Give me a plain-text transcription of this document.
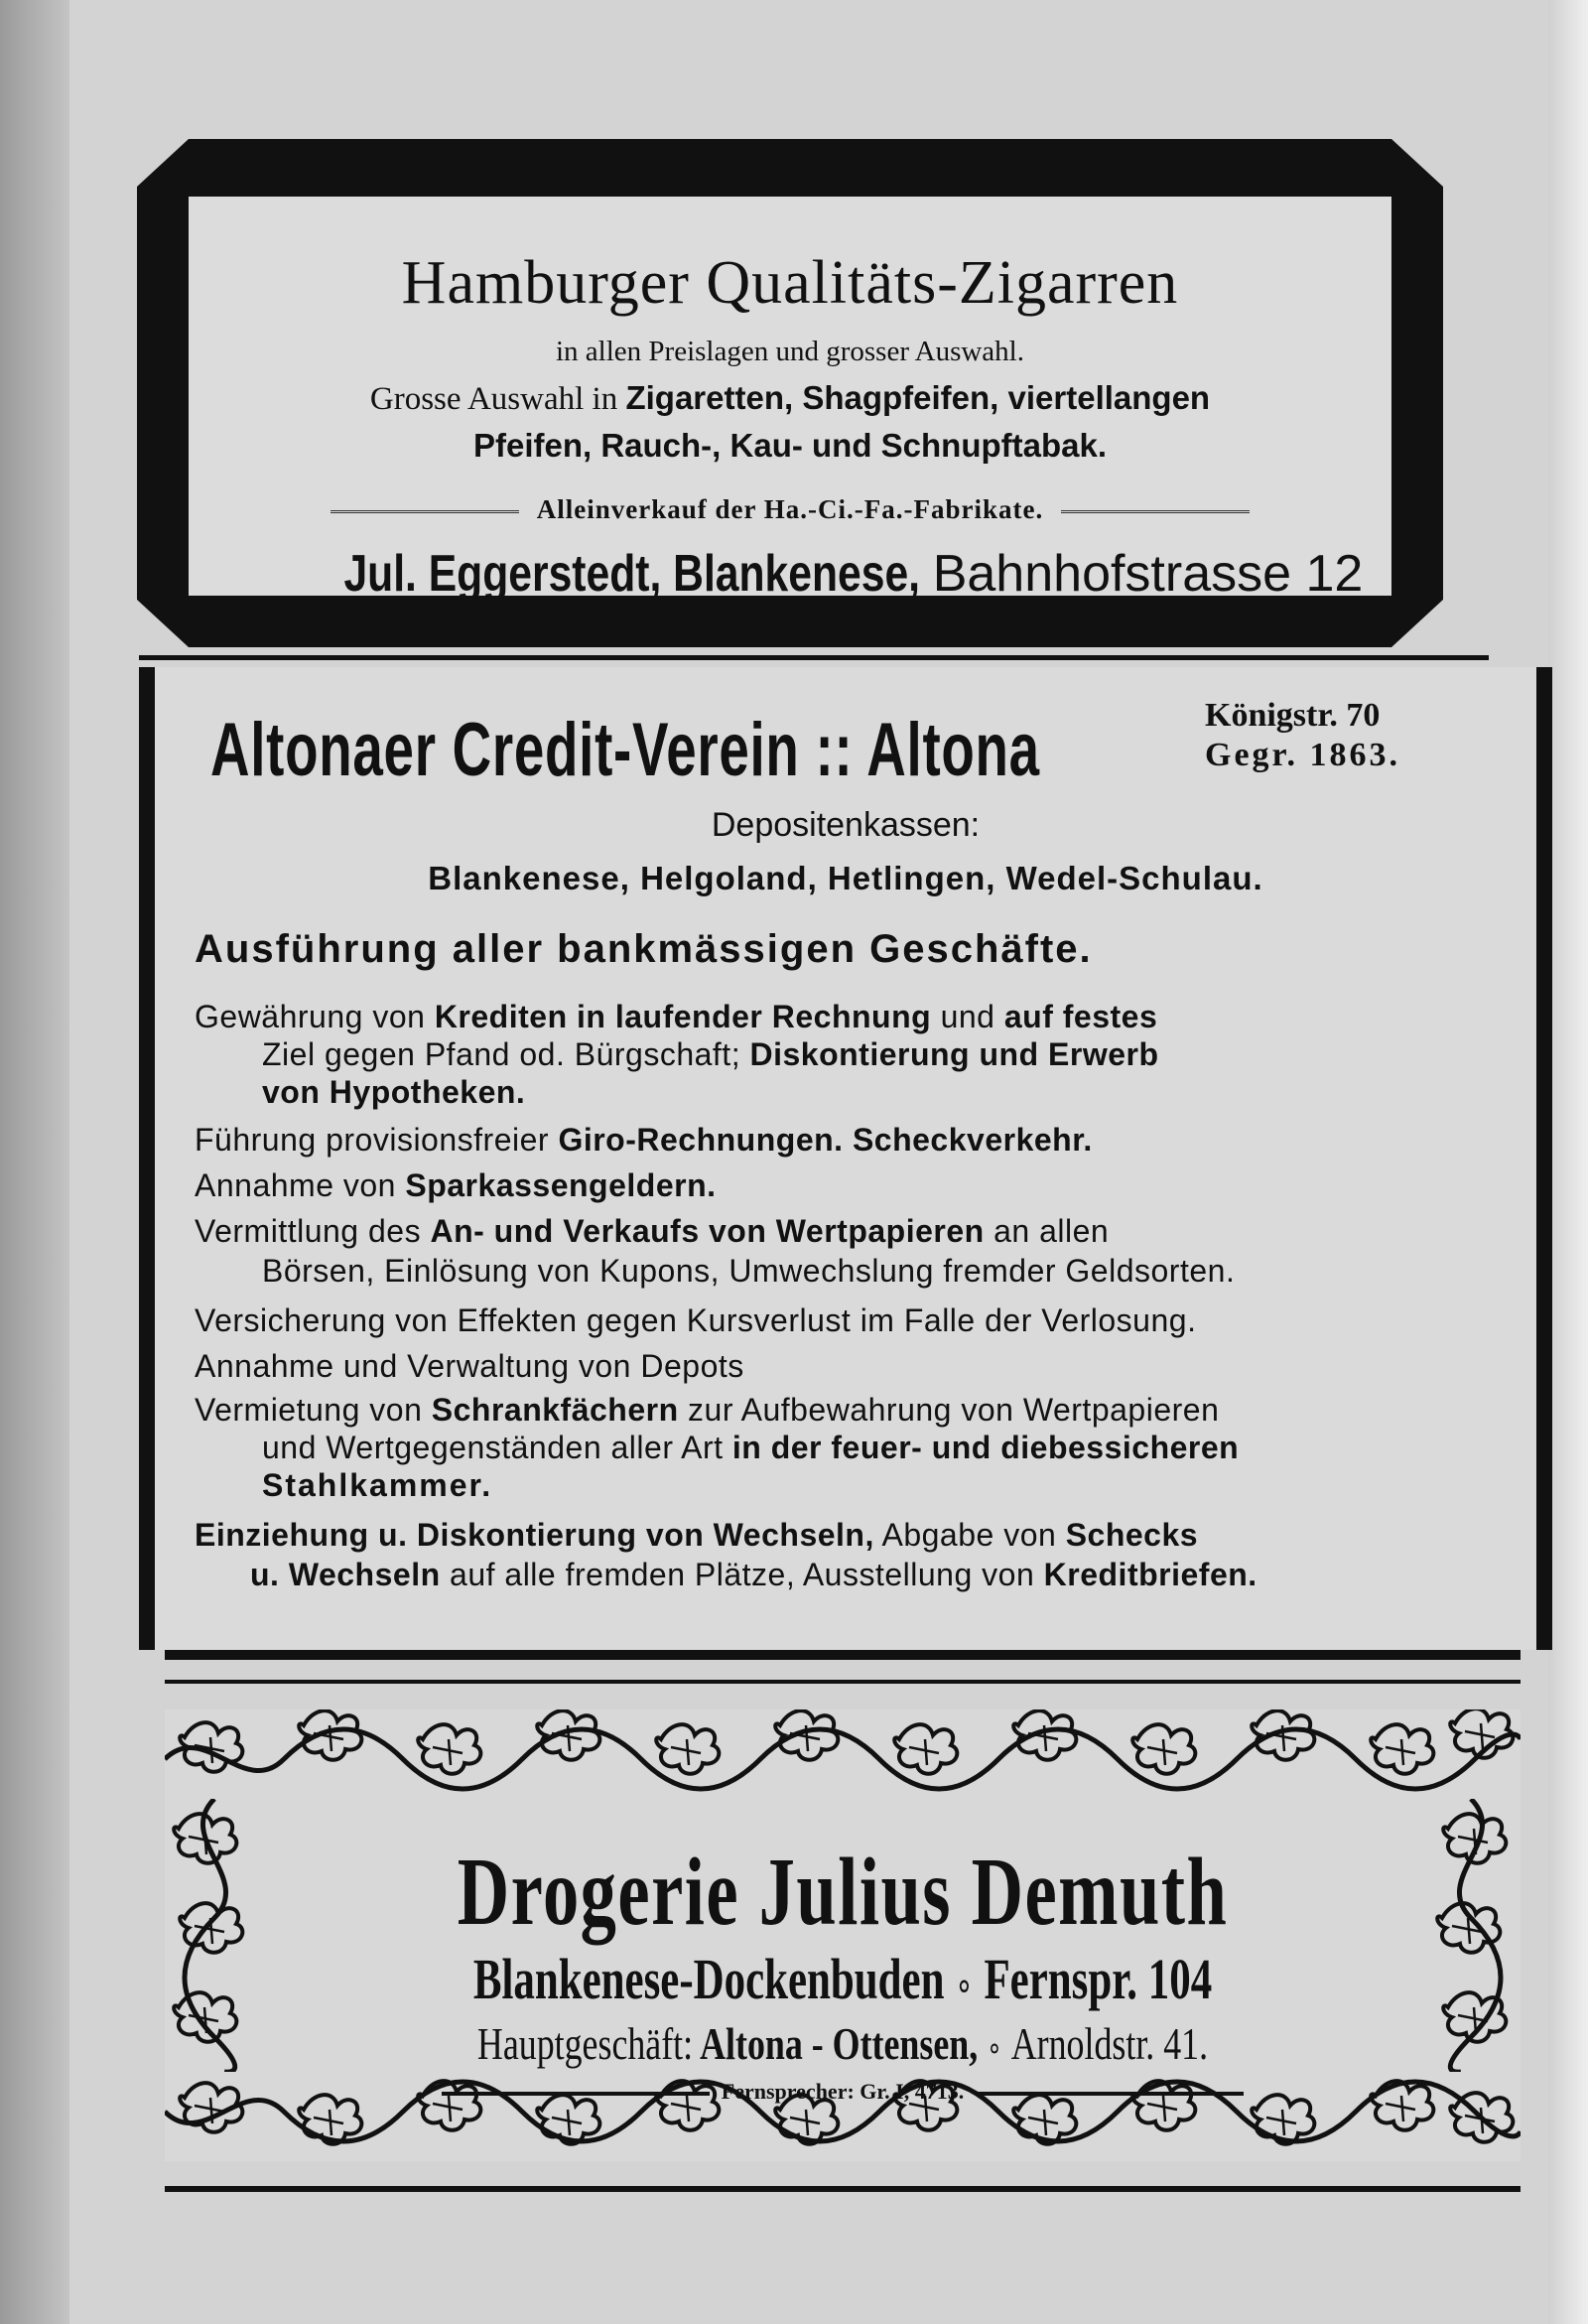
Hamburger Qualitäts-Zigarren
in allen Preislagen und grosser Auswahl.
Grosse Auswahl in Zigaretten, Shagpfeifen, viertellangen
Pfeifen, Rauch-, Kau- und Schnupftabak.
Alleinverkauf der Ha.-Ci.-Fa.-Fabrikate.
Jul. Eggerstedt, Blankenese, Bahnhofstrasse 12
Altonaer Credit-Verein :: Altona	Königstr. 70
Gegr. 1863.
Depositenkassen:
Blankenese, Helgoland, Hetlingen, Wedel-Schulau.
Ausführung aller bankmässigen Geschäfte.
Gewährung von Krediten in laufender Rechnung und auf festes
Ziel gegen Pfand od. Bürgschaft; Diskontierung und Erwerb
von Hypotheken.
Führung provisionsfreier Giro-Rechnungen. Scheckverkehr.
Annahme von Sparkassengeldern.
Vermittlung des An- und Verkaufs von Wertpapieren an allen
Börsen, Einlösung von Kupons, Umwechslung fremder Geldsorten.
Versicherung von Effekten gegen Kursverlust im Falle der Verlosung.
Annahme und Verwaltung von Depots
Vermietung von Schrankfächern zur Aufbewahrung von Wertpapieren
und Wertgegenständen aller Art in der feuer- und diebessicheren
Stahlkammer.
Einziehung u. Diskontierung von Wechseln, Abgabe von Schecks
u. Wechseln auf alle fremden Plätze, Ausstellung von Kreditbriefen.
Drogerie Julius Demuth
Blankenese-Dockenbuden ∘ Fernspr. 104
Hauptgeschäft: Altona - Ottensen, ∘ Arnoldstr. 41.
Fernsprecher: Gr. I, 4713.
